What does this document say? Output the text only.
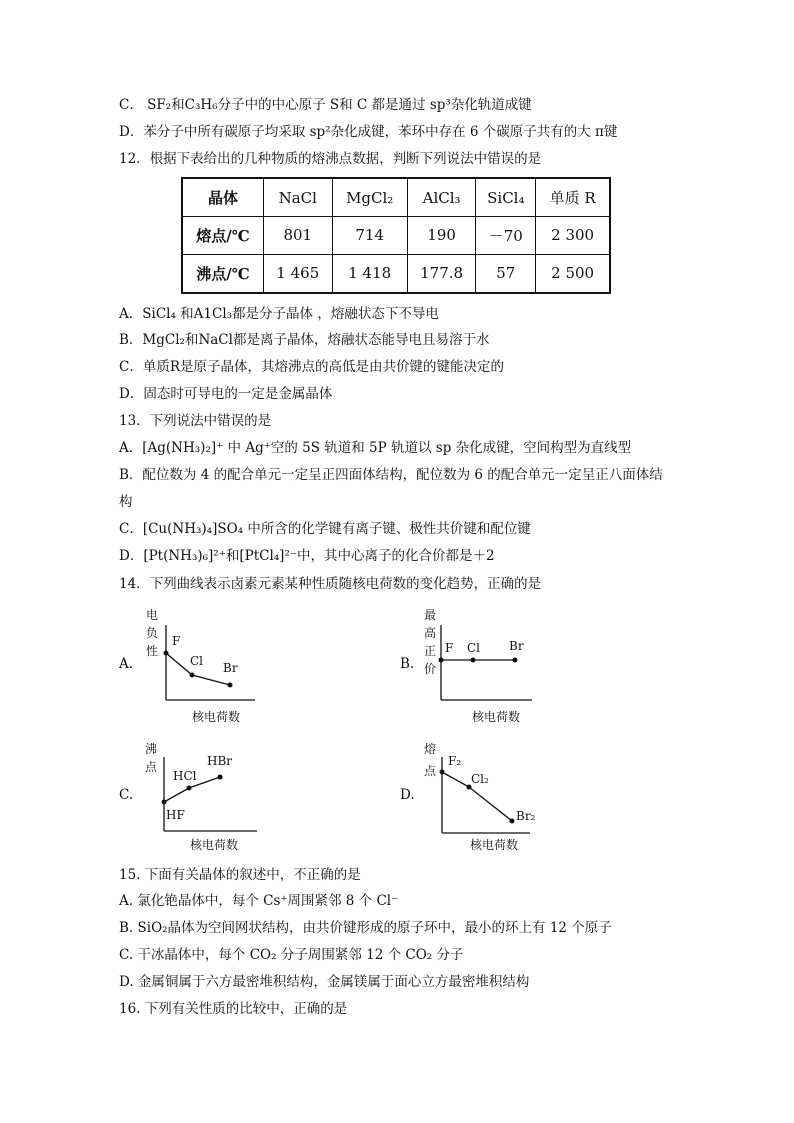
C． SF₂和C₃H₆分子中的中心原子 S和 C 都是通过 sp³杂化轨道成键
D．苯分子中所有碳原子均采取 sp²杂化成键，苯环中存在 6 个碳原子共有的大 π键
12．根据下表给出的几种物质的熔沸点数据，判断下列说法中错误的是
晶体	NaCl	MgCl₂	AlCl₃	SiCl₄	单质 R
熔点/℃	801	714	190	－70	2 300
沸点/℃	1 465	1 418	177.8	57	2 500
A．SiCl₄ 和A1Cl₃都是分子晶体 ，熔融状态下不导电
B．MgCl₂和NaCl都是离子晶体，熔融状态能导电且易溶于水
C．单质R是原子晶体，其熔沸点的高低是由共价键的键能决定的
D．固态时可导电的一定是金属晶体
13．下列说法中错误的是
A．[Ag(NH₃)₂]⁺ 中 Ag⁺空的 5S 轨道和 5P 轨道以 sp 杂化成键，空间构型为直线型
B．配位数为 4 的配合单元一定呈正四面体结构，配位数为 6 的配合单元一定呈正八面体结
构
C．[Cu(NH₃)₄]SO₄ 中所含的化学键有离子键、极性共价键和配位键
D．[Pt(NH₃)₆]²⁺和[PtCl₄]²⁻中，其中心离子的化合价都是＋2
14．下列曲线表示卤素元素某种性质随核电荷数的变化趋势，正确的是
A.
电
负
性
F
Cl Br
核电荷数
B.
最
高
正
价
F Cl Br
核电荷数
C.
沸
点
HF
HCl
HBr
核电荷数
D.
熔
点
F₂
Cl₂
Br₂
核电荷数
15. 下面有关晶体的叙述中，不正确的是
A. 氯化铯晶体中，每个 Cs⁺周围紧邻 8 个 Cl⁻
B. SiO₂晶体为空间网状结构，由共价键形成的原子环中，最小的环上有 12 个原子
C. 干冰晶体中，每个 CO₂ 分子周围紧邻 12 个 CO₂ 分子
D. 金属铜属于六方最密堆积结构，金属镁属于面心立方最密堆积结构
16. 下列有关性质的比较中，正确的是
